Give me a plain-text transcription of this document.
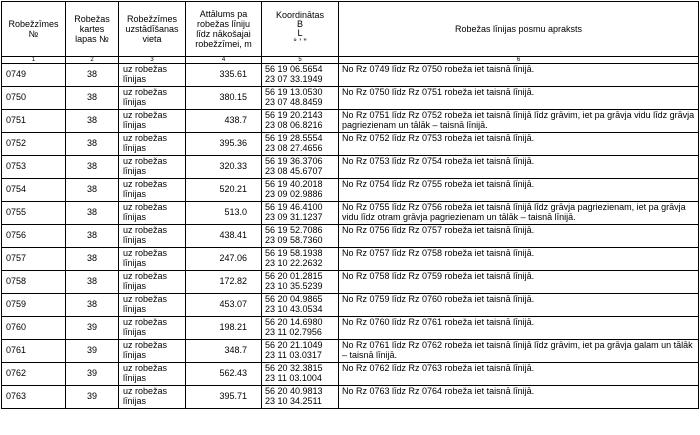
Robežzīmes №	Robežas kartes lapas №	Robežzīmes uzstādīšanas vieta	Attālums pa robežas līniju līdz nākošajai robežzīmei, m	Koordinātas
B
L
° ' "	Robežas līnijas posmu apraksts
1	2	3	4	5	6
0749	38	uz robežas līnijas	335.61	56 19 06.5654
23 07 33.1949	No Rz 0749 līdz Rz 0750 robeža iet taisnā līnijā.
0750	38	uz robežas līnijas	380.15	56 19 13.0530
23 07 48.8459	No Rz 0750 līdz Rz 0751 robeža iet taisnā līnijā.
0751	38	uz robežas līnijas	438.7	56 19 20.2143
23 08 06.8216	No Rz 0751 līdz Rz 0752 robeža iet taisnā līnijā līdz grāvim, iet pa grāvja vidu līdz grāvja pagriezienam un tālāk – taisnā līnijā.
0752	38	uz robežas līnijas	395.36	56 19 28.5554
23 08 27.4656	No Rz 0752 līdz Rz 0753 robeža iet taisnā līnijā.
0753	38	uz robežas līnijas	320.33	56 19 36.3706
23 08 45.6707	No Rz 0753 līdz Rz 0754 robeža iet taisnā līnijā.
0754	38	uz robežas līnijas	520.21	56 19 40.2018
23 09 02.9886	No Rz 0754 līdz Rz 0755 robeža iet taisnā līnijā.
0755	38	uz robežas līnijas	513.0	56 19 46.4100
23 09 31.1237	No Rz 0755 līdz Rz 0756 robeža iet taisnā līnijā līdz grāvja pagriezienam, iet pa grāvja vidu līdz otram grāvja pagriezienam un tālāk – taisnā līnijā.
0756	38	uz robežas līnijas	438.41	56 19 52.7086
23 09 58.7360	No Rz 0756 līdz Rz 0757 robeža iet taisnā līnijā.
0757	38	uz robežas līnijas	247.06	56 19 58.1938
23 10 22.2632	No Rz 0757 līdz Rz 0758 robeža iet taisnā līnijā.
0758	38	uz robežas līnijas	172.82	56 20 01.2815
23 10 35.5239	No Rz 0758 līdz Rz 0759 robeža iet taisnā līnijā.
0759	38	uz robežas līnijas	453.07	56 20 04.9865
23 10 43.0534	No Rz 0759 līdz Rz 0760 robeža iet taisnā līnijā.
0760	39	uz robežas līnijas	198.21	56 20 14.6980
23 11 02.7956	No Rz 0760 līdz Rz 0761 robeža iet taisnā līnijā.
0761	39	uz robežas līnijas	348.7	56 20 21.1049
23 11 03.0317	No Rz 0761 līdz Rz 0762 robeža iet taisnā līnijā līdz grāvim, iet pa grāvja galam un tālāk – taisnā līnijā.
0762	39	uz robežas līnijas	562.43	56 20 32.3815
23 11 03.1004	No Rz 0762 līdz Rz 0763 robeža iet taisnā līnijā.
0763	39	uz robežas līnijas	395.71	56 20 40.9813
23 10 34.2511	No Rz 0763 līdz Rz 0764 robeža iet taisnā līnijā.
